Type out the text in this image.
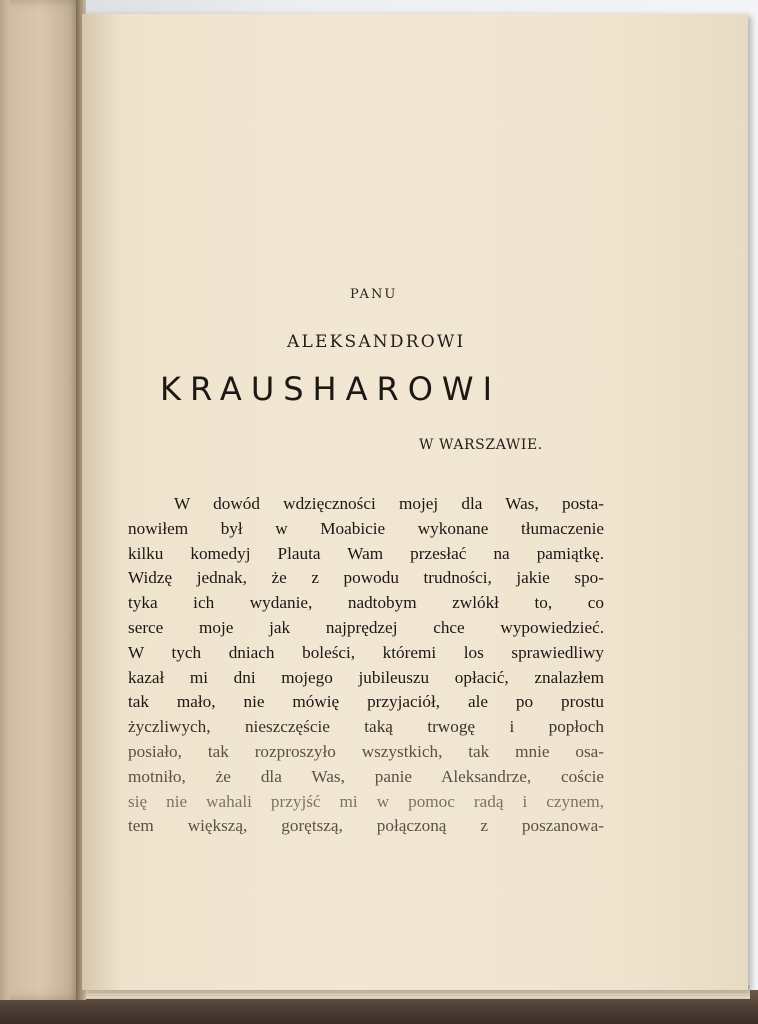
PANU
ALEKSANDROWI
KRAUSHAROWI
W WARSZAWIE.
W dowód wdzięczności mojej dla Was, posta-
nowiłem był w Moabicie wykonane tłumaczenie
kilku komedyj Plauta Wam przesłać na pamiątkę.
Widzę jednak, że z powodu trudności, jakie spo-
tyka ich wydanie, nadtobym zwlókł to, co
serce moje jak najprędzej chce wypowiedzieć.
W tych dniach boleści, któremi los sprawiedliwy
kazał mi dni mojego jubileuszu opłacić, znalazłem
tak mało, nie mówię przyjaciół, ale po prostu
życzliwych, nieszczęście taką trwogę i popłoch
posiało, tak rozproszyło wszystkich, tak mnie osa-
motniło, że dla Was, panie Aleksandrze, coście
się nie wahali przyjść mi w pomoc radą i czynem,
tem większą, gorętszą, połączoną z poszanowa-
